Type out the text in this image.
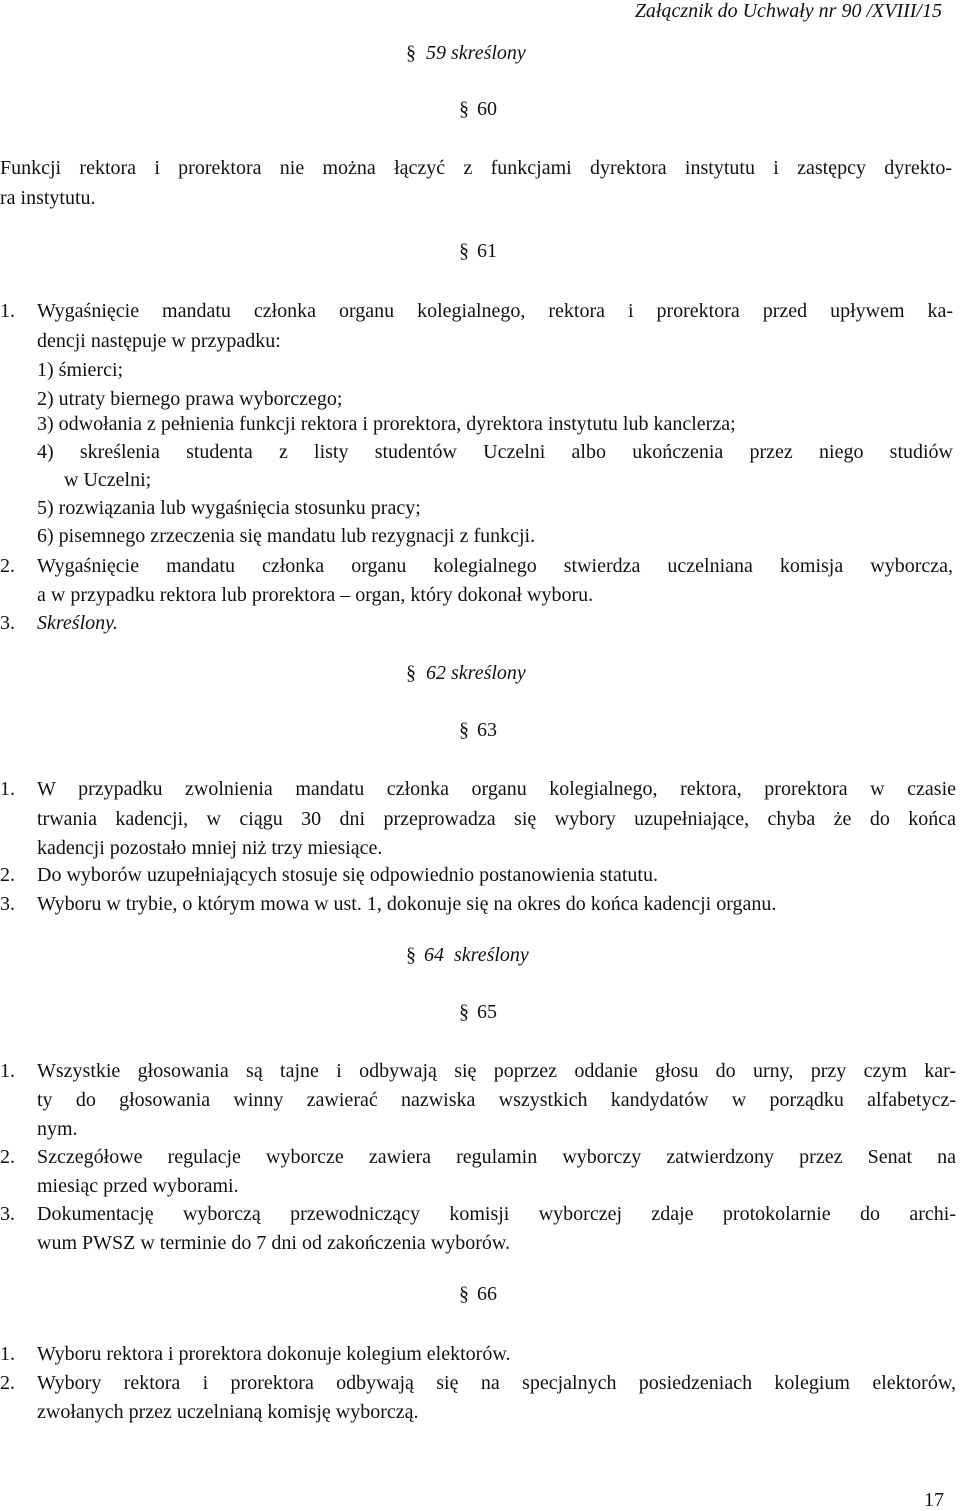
Załącznik do Uchwały nr 90 /XVIII/15
§ 59 skreślony
§ 60
Funkcji rektora i prorektora nie można łączyć z funkcjami dyrektora instytutu i zastępcy dyrekto-
ra instytutu.
§ 61
1. Wygaśnięcie mandatu członka organu kolegialnego, rektora i prorektora przed upływem ka-
dencji następuje w przypadku:
1) śmierci;
2) utraty biernego prawa wyborczego;
3) odwołania z pełnienia funkcji rektora i prorektora, dyrektora instytutu lub kanclerza;
4) skreślenia studenta z listy studentów Uczelni albo ukończenia przez niego studiów
w Uczelni;
5) rozwiązania lub wygaśnięcia stosunku pracy;
6) pisemnego zrzeczenia się mandatu lub rezygnacji z funkcji.
2. Wygaśnięcie mandatu członka organu kolegialnego stwierdza uczelniana komisja wyborcza,
a w przypadku rektora lub prorektora – organ, który dokonał wyboru.
3. Skreślony.
§ 62 skreślony
§ 63
1. W przypadku zwolnienia mandatu członka organu kolegialnego, rektora, prorektora w czasie
trwania kadencji, w ciągu 30 dni przeprowadza się wybory uzupełniające, chyba że do końca
kadencji pozostało mniej niż trzy miesiące.
2. Do wyborów uzupełniających stosuje się odpowiednio postanowienia statutu.
3. Wyboru w trybie, o którym mowa w ust. 1, dokonuje się na okres do końca kadencji organu.
§ 64  skreślony
§ 65
1. Wszystkie głosowania są tajne i odbywają się poprzez oddanie głosu do urny, przy czym kar-
ty do głosowania winny zawierać nazwiska wszystkich kandydatów w porządku alfabetycz-
nym.
2. Szczegółowe regulacje wyborcze zawiera regulamin wyborczy zatwierdzony przez Senat na
miesiąc przed wyborami.
3. Dokumentację wyborczą przewodniczący komisji wyborczej zdaje protokolarnie do archi-
wum PWSZ w terminie do 7 dni od zakończenia wyborów.
§ 66
1. Wyboru rektora i prorektora dokonuje kolegium elektorów.
2. Wybory rektora i prorektora odbywają się na specjalnych posiedzeniach kolegium elektorów,
zwołanych przez uczelnianą komisję wyborczą.
17
